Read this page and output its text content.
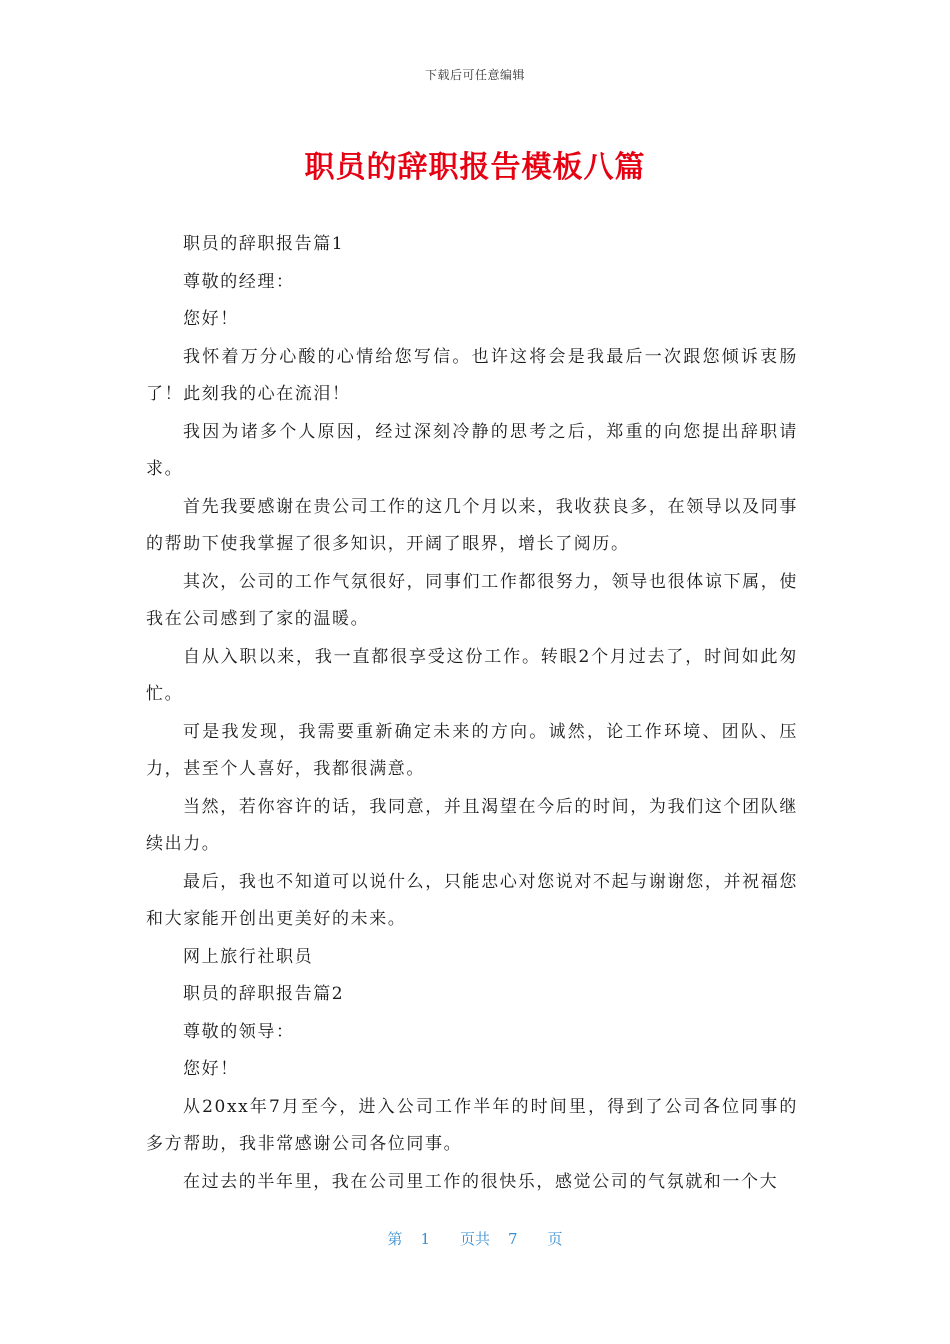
下载后可任意编辑
职员的辞职报告模板八篇

职员的辞职报告篇1

尊敬的经理：

您好！

我怀着万分心酸的心情给您写信。也许这将会是我最后一次跟您倾诉衷肠了！此刻我的心在流泪！

我因为诸多个人原因，经过深刻冷静的思考之后，郑重的向您提出辞职请求。

首先我要感谢在贵公司工作的这几个月以来，我收获良多，在领导以及同事的帮助下使我掌握了很多知识，开阔了眼界，增长了阅历。

其次，公司的工作气氛很好，同事们工作都很努力，领导也很体谅下属，使我在公司感到了家的温暖。

自从入职以来，我一直都很享受这份工作。转眼2个月过去了，时间如此匆忙。

可是我发现，我需要重新确定未来的方向。诚然，论工作环境、团队、压力，甚至个人喜好，我都很满意。

当然，若你容许的话，我同意，并且渴望在今后的时间，为我们这个团队继续出力。

最后，我也不知道可以说什么，只能忠心对您说对不起与谢谢您，并祝福您和大家能开创出更美好的未来。

网上旅行社职员

职员的辞职报告篇2

尊敬的领导：

您好！

从20xx年7月至今，进入公司工作半年的时间里，得到了公司各位同事的多方帮助，我非常感谢公司各位同事。

在过去的半年里，我在公司里工作的很快乐，感觉公司的气氛就和一个大

第 1 页共 7 页
